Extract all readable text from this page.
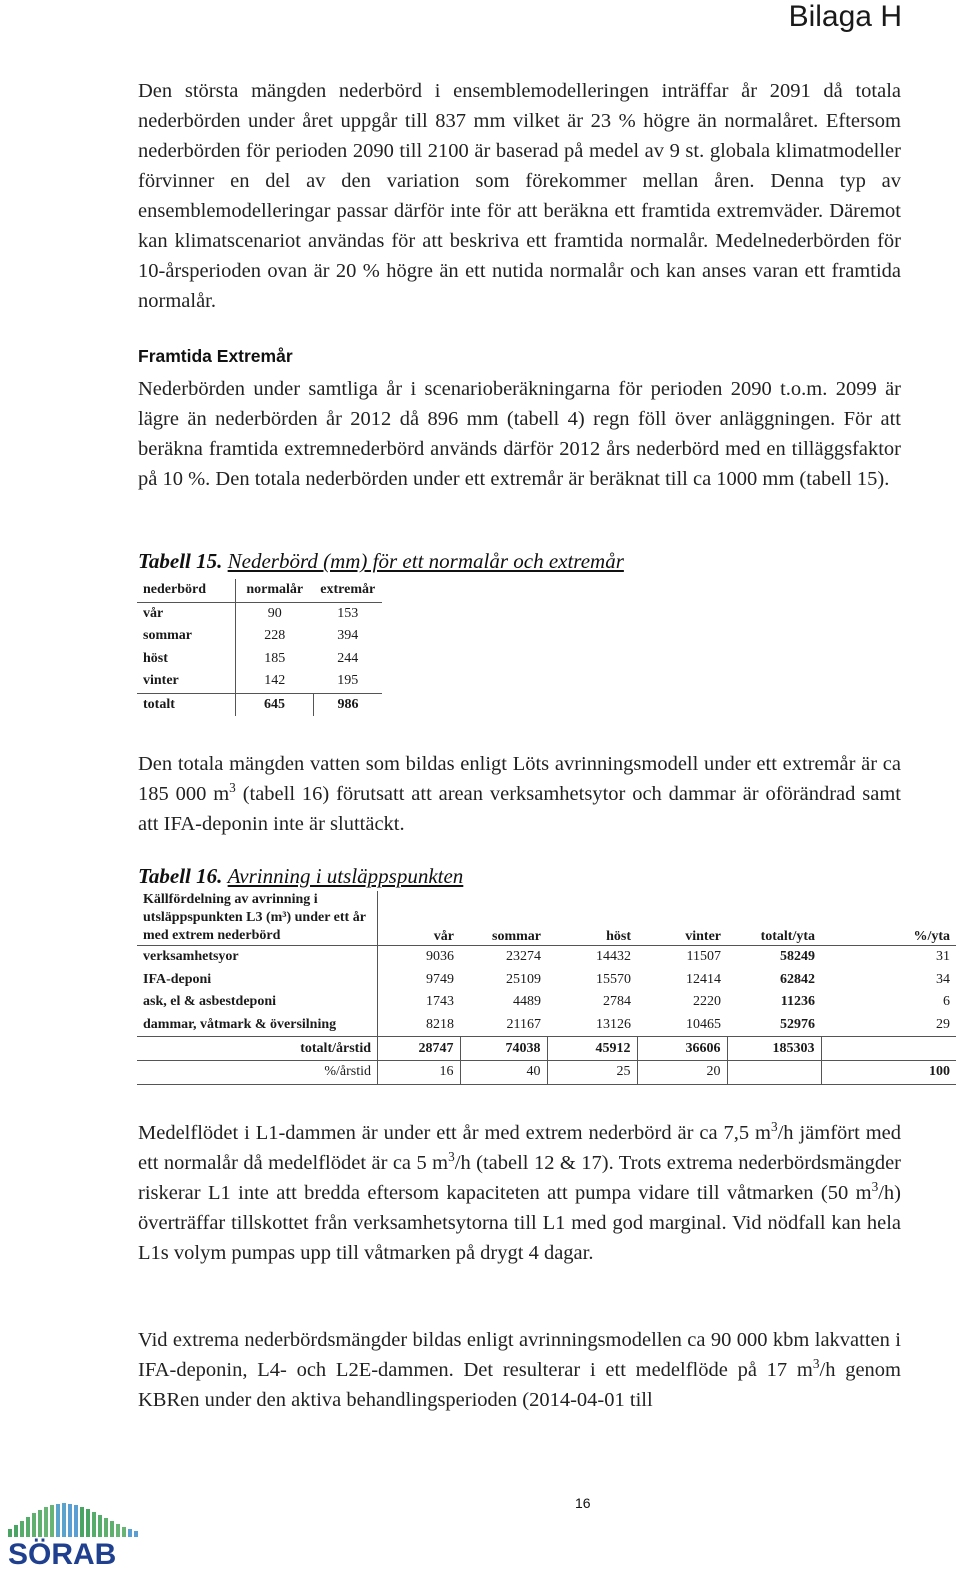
Bilaga H

Den största mängden nederbörd i ensemblemodelleringen inträffar år 2091 då totala nederbörden under året uppgår till 837 mm vilket är 23 % högre än normalåret. Eftersom nederbörden för perioden 2090 till 2100 är baserad på medel av 9 st. globala klimatmodeller förvinner en del av den variation som förekommer mellan åren. Denna typ av ensemblemodelleringar passar därför inte för att beräkna ett framtida extremväder. Däremot kan klimatscenariot användas för att beskriva ett framtida normalår. Medelnederbörden för 10-årsperioden ovan är 20 % högre än ett nutida normalår och kan anses varan ett framtida normalår.

Framtida Extremår

Nederbörden under samtliga år i scenarioberäkningarna för perioden 2090 t.o.m. 2099 är lägre än nederbörden år 2012 då 896 mm (tabell 4) regn föll över anläggningen. För att beräkna framtida extremnederbörd används därför 2012 års nederbörd med en tilläggsfaktor på 10 %. Den totala nederbörden under ett extremår är beräknat till ca 1000 mm (tabell 15).

Tabell 15. Nederbörd (mm) för ett normalår och extremår
nederbörd	normalår	extremår
vår	90	153
sommar	228	394
höst	185	244
vinter	142	195
totalt	645	986

Den totala mängden vatten som bildas enligt Löts avrinningsmodell under ett extremår är ca 185 000 $m^3$ (tabell 16) förutsatt att arean verksamhetsytor och dammar är oförändrad samt att IFA-deponin inte är sluttäckt.

Tabell 16. Avrinning i utsläppspunkten
Källfördelning av avrinning i utsläppspunkten L3 (m³) under ett år med extrem nederbörd	vår	sommar	höst	vinter	totalt/yta	%/yta
verksamhetsyor	9036	23274	14432	11507	58249	31
IFA-deponi	9749	25109	15570	12414	62842	34
ask, el & asbestdeponi	1743	4489	2784	2220	11236	6
dammar, våtmark & översilning	8218	21167	13126	10465	52976	29
totalt/årstid	28747	74038	45912	36606	185303	
%/årstid	16	40	25	20		100

Medelflödet i L1-dammen är under ett år med extrem nederbörd är ca 7,5 $m^3/h$ jämfört med ett normalår då medelflödet är ca 5 $m^3/h$ (tabell 12 & 17). Trots extrema nederbördsmängder riskerar L1 inte att bredda eftersom kapaciteten att pumpa vidare till våtmarken (50 $m^3/h$) överträffar tillskottet från verksamhetsytorna till L1 med god marginal. Vid nödfall kan hela L1s volym pumpas upp till våtmarken på drygt 4 dagar.

Vid extrema nederbördsmängder bildas enligt avrinningsmodellen ca 90 000 kbm lakvatten i IFA-deponin, L4- och L2E-dammen. Det resulterar i ett medelflöde på 17 $m^3/h$ genom KBRen under den aktiva behandlingsperioden (2014-04-01 till

16
SÖRAB
